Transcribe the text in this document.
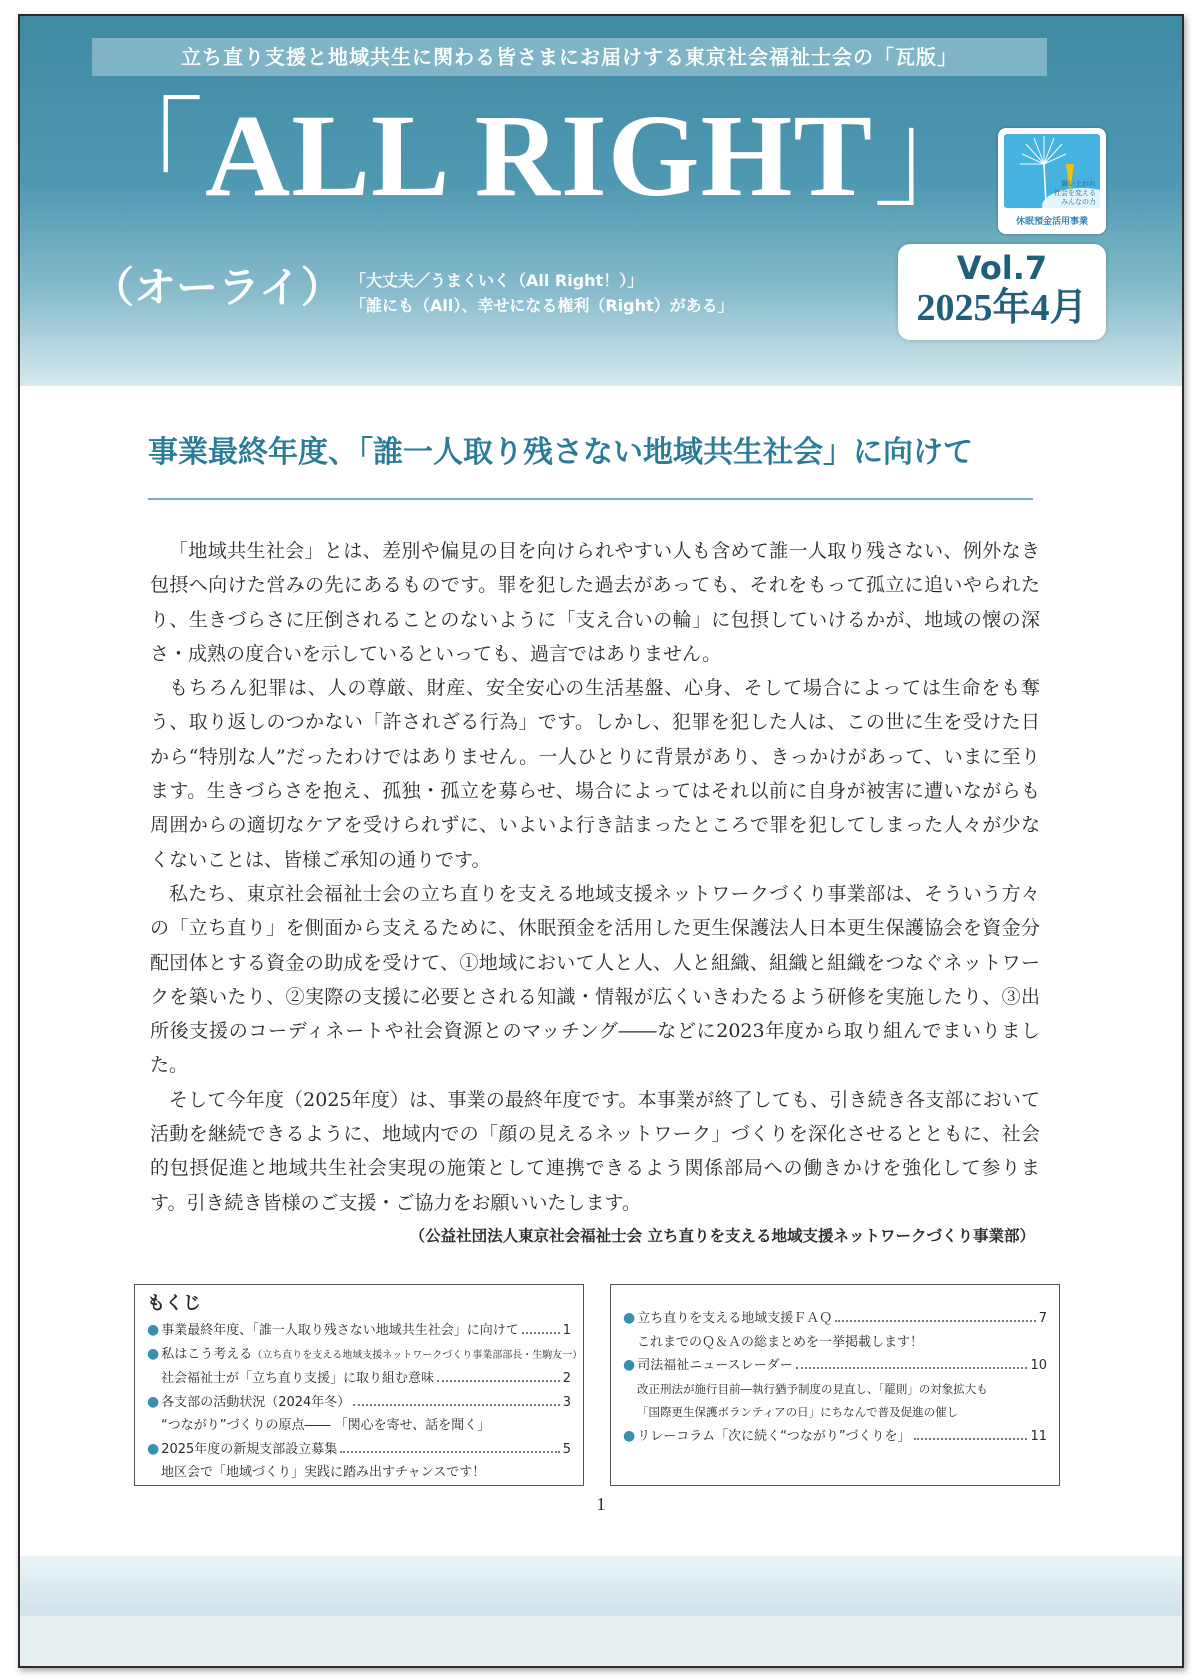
立ち直り支援と地域共生に関わる皆さまにお届けする東京社会福祉士会の「瓦版」
「ALL RIGHT」
（オーライ） 「大丈夫／うまくいく（All Right！）」
「誰にも（All）、幸せになる権利（Right）がある」
舞い上がれ
社会を変える
みんなの力
休眠預金活用事業
Vol.7
2025年4月
事業最終年度、「誰一人取り残さない地域共生社会」に向けて

「地域共生社会」とは、差別や偏見の目を向けられやすい人も含めて誰一人取り残さない、例外なき包摂へ向けた営みの先にあるものです。罪を犯した過去があっても、それをもって孤立に追いやられたり、生きづらさに圧倒されることのないように「支え合いの輪」に包摂していけるかが、地域の懐の深さ・成熟の度合いを示しているといっても、過言ではありません。

もちろん犯罪は、人の尊厳、財産、安全安心の生活基盤、心身、そして場合によっては生命をも奪う、取り返しのつかない「許されざる行為」です。しかし、犯罪を犯した人は、この世に生を受けた日から“特別な人”だったわけではありません。一人ひとりに背景があり、きっかけがあって、いまに至ります。生きづらさを抱え、孤独・孤立を募らせ、場合によってはそれ以前に自身が被害に遭いながらも周囲からの適切なケアを受けられずに、いよいよ行き詰まったところで罪を犯してしまった人々が少なくないことは、皆様ご承知の通りです。

私たち、東京社会福祉士会の立ち直りを支える地域支援ネットワークづくり事業部は、そういう方々の「立ち直り」を側面から支えるために、休眠預金を活用した更生保護法人日本更生保護協会を資金分配団体とする資金の助成を受けて、①地域において人と人、人と組織、組織と組織をつなぐネットワークを築いたり、②実際の支援に必要とされる知識・情報が広くいきわたるよう研修を実施したり、③出所後支援のコーディネートや社会資源とのマッチング――などに2023年度から取り組んでまいりました。

そして今年度（2025年度）は、事業の最終年度です。本事業が終了しても、引き続き各支部において活動を継続できるように、地域内での「顔の見えるネットワーク」づくりを深化させるとともに、社会的包摂促進と地域共生社会実現の施策として連携できるよう関係部局への働きかけを強化して参ります。引き続き皆様のご支援・ご協力をお願いいたします。

（公益社団法人東京社会福祉士会 立ち直りを支える地域支援ネットワークづくり事業部）
もくじ
● 事業最終年度、「誰一人取り残さない地域共生社会」に向けて	1
● 私はこう考える （立ち直りを支える地域支援ネットワークづくり事業部部長・生駒友一）
社会福祉士が「立ち直り支援」に取り組む意味	2
● 各支部の活動状況（2024年冬）	3
“つながり”づくりの原点―― 「関心を寄せ、話を聞く」
● 2025年度の新規支部設立募集	5
地区会で「地域づくり」実践に踏み出すチャンスです！
● 立ち直りを支える地域支援ＦＡＱ	7
これまでのＱ＆Ａの総まとめを一挙掲載します！
● 司法福祉ニュースレーダー	10
改正刑法が施行目前―執行猶予制度の見直し、「罷則」の対象拡大も
「国際更生保護ボランティアの日」にちなんで普及促進の催し
● リレーコラム「次に続く“つながり”づくりを」	11
1
